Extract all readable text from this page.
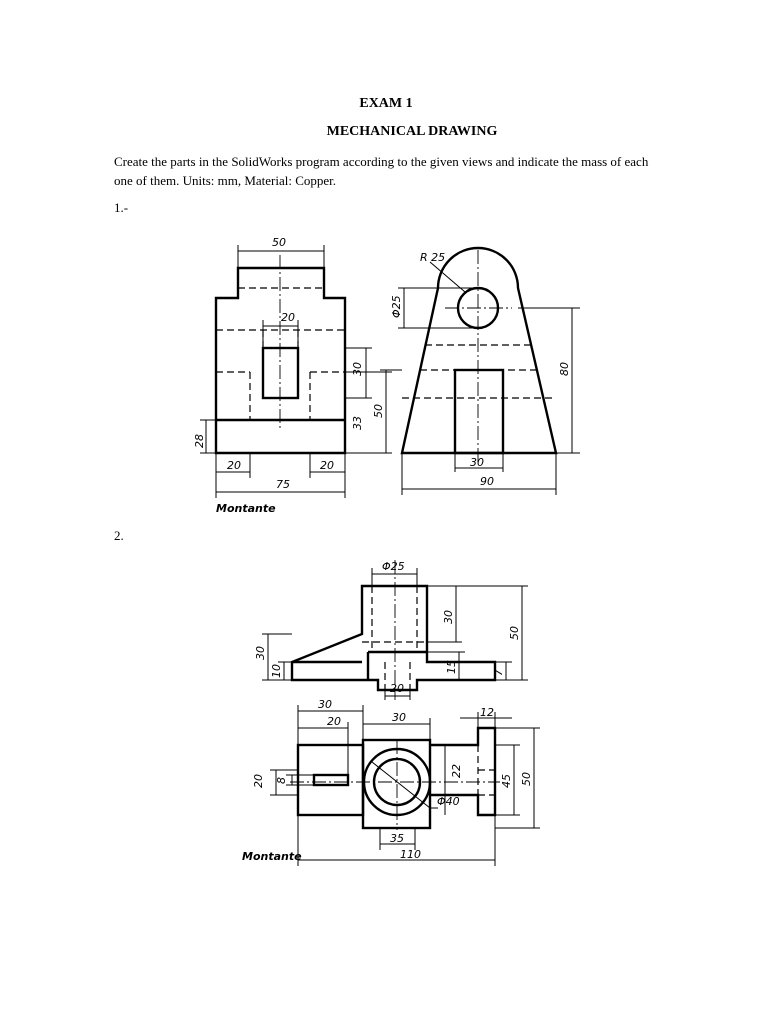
EXAM 1
MECHANICAL DRAWING
Create the parts in the SolidWorks program according to the given views and indicate the mass of each one of them. Units: mm, Material: Copper.
1.-
2.
50
20
30
33
28
20	20
75
R 25
Φ25
50
80
30
90
Montante
Φ25
30
50
30
10	15	7
20
30
20	30	12
20 8
22
45 50
Φ40
35
110
Montante
